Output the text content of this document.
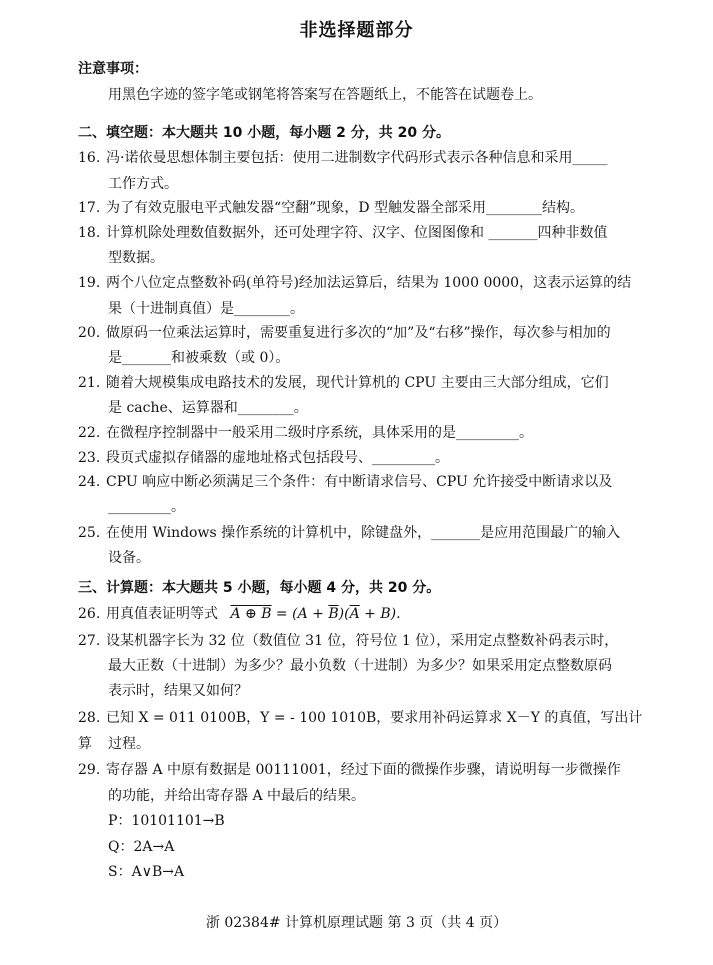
非选择题部分
注意事项：
用黑色字迹的签字笔或钢笔将答案写在答题纸上，不能答在试题卷上。
二、填空题：本大题共 10 小题，每小题 2 分，共 20 分。
16. 冯·诺依曼思想体制主要包括：使用二进制数字代码形式表示各种信息和采用_____
工作方式。
17. 为了有效克服电平式触发器“空翻”现象，D 型触发器全部采用________结构。
18. 计算机除处理数值数据外，还可处理字符、汉字、位图图像和 _______四种非数值
型数据。
19. 两个八位定点整数补码(单符号)经加法运算后，结果为 1000 0000，这表示运算的结
果（十进制真值）是________。
20. 做原码一位乘法运算时，需要重复进行多次的“加”及“右移”操作，每次参与相加的
是_______和被乘数（或 0）。
21. 随着大规模集成电路技术的发展，现代计算机的 CPU 主要由三大部分组成，它们
是 cache、运算器和________。
22. 在微程序控制器中一般采用二级时序系统，具体采用的是_________。
23. 段页式虚拟存储器的虚地址格式包括段号、_________。
24. CPU 响应中断必须满足三个条件：有中断请求信号、CPU 允许接受中断请求以及
_________。
25. 在使用 Windows 操作系统的计算机中，除键盘外，_______是应用范围最广的输入
设备。
三、计算题：本大题共 5 小题，每小题 4 分，共 20 分。
26. 用真值表证明等式 A ⊕ $B = (A + \overline{B})(\overline{A} + B)$.
27. 设某机器字长为 32 位（数值位 31 位，符号位 1 位），采用定点整数补码表示时，
最大正数（十进制）为多少？最小负数（十进制）为多少？如果采用定点整数原码
表示时，结果又如何？
28. 已知 X = 011 0100B，Y = - 100 1010B，要求用补码运算求 X－Y 的真值，写出计算	过程。
29. 寄存器 A 中原有数据是 00111001，经过下面的微操作步骤，请说明每一步微操作
的功能，并给出寄存器 A 中最后的结果。
P：10101101→B
Q：2A→A
S：A∨B→A
浙 02384# 计算机原理试题 第 3 页（共 4 页）
